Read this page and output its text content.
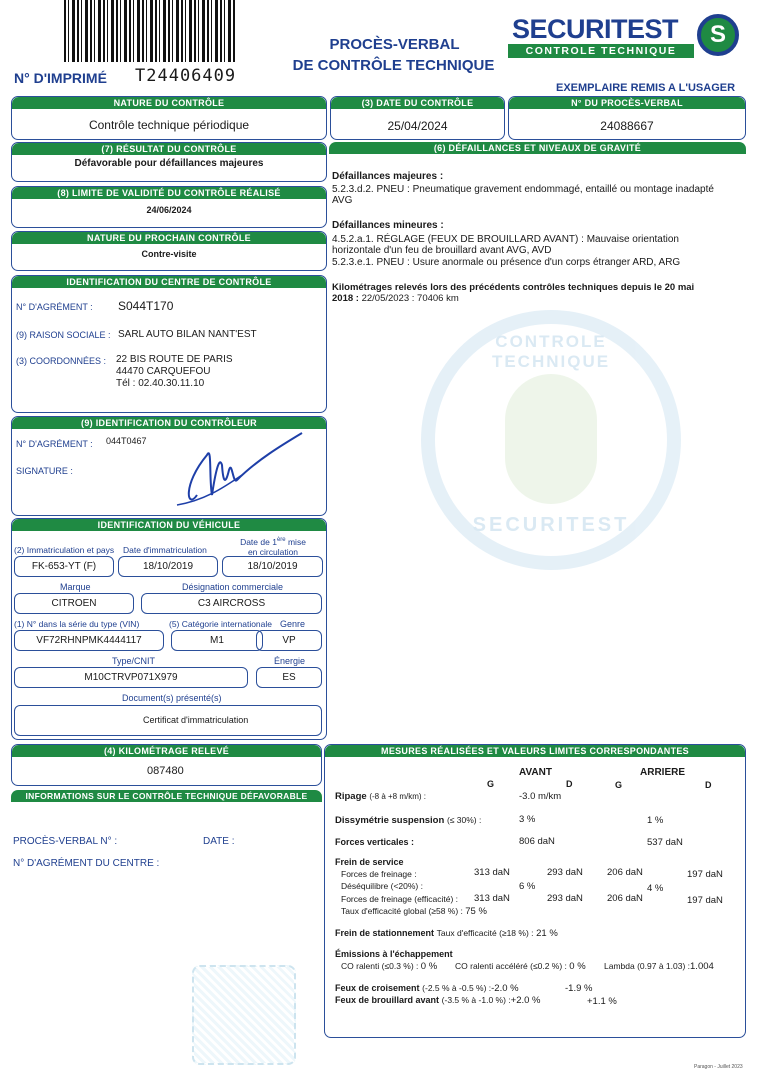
N° D'IMPRIMÉ T24406409
PROCÈS-VERBAL
DE CONTRÔLE TECHNIQUE
SECURITEST
CONTROLE TECHNIQUE
S
EXEMPLAIRE REMIS A L'USAGER
NATURE DU CONTRÔLE
Contrôle technique périodique
(3) DATE DU CONTRÔLE
25/04/2024
N° DU PROCÈS-VERBAL
24088667
(7) RÉSULTAT DU CONTRÔLE
Défavorable pour défaillances majeures
(8) LIMITE DE VALIDITÉ DU CONTRÔLE RÉALISÉ
24/06/2024
NATURE DU PROCHAIN CONTRÔLE
Contre-visite
IDENTIFICATION DU CENTRE DE CONTRÔLE
N° D'AGRÉMENT : S044T170
(9) RAISON SOCIALE : SARL AUTO BILAN NANT'EST
(3) COORDONNÉES : 22 BIS ROUTE DE PARIS
44470 CARQUEFOU
Tél : 02.40.30.11.10
(9) IDENTIFICATION DU CONTRÔLEUR
N° D'AGRÉMENT : 044T0467
SIGNATURE :
IDENTIFICATION DU VÉHICULE
(2) Immatriculation et pays Date d'immatriculation
Date de 1ère mise
en circulation
FK-653-YT (F)	18/10/2019	18/10/2019
Marque	Désignation commerciale
CITROEN	C3 AIRCROSS
(1) N° dans la série du type (VIN)	(5) Catégorie internationale Genre
VF72RHNPMK4444117	M1	VP
Type/CNIT	Énergie
M10CTRVP071X979	ES
Document(s) présenté(s)
Certificat d'immatriculation
(4) KILOMÉTRAGE RELEVÉ
087480
INFORMATIONS SUR LE CONTRÔLE TECHNIQUE DÉFAVORABLE
PROCÈS-VERBAL N° :	DATE :
N° D'AGRÉMENT DU CENTRE :
(6) DÉFAILLANCES ET NIVEAUX DE GRAVITÉ
Défaillances majeures :
5.2.3.d.2. PNEU : Pneumatique gravement endommagé, entaillé ou montage inadapté
AVG
Défaillances mineures :
4.5.2.a.1. RÉGLAGE (FEUX DE BROUILLARD AVANT) : Mauvaise orientation
horizontale d'un feu de brouillard avant AVG, AVD
5.2.3.e.1. PNEU : Usure anormale ou présence d'un corps étranger ARD, ARG
Kilométrages relevés lors des précédents contrôles techniques depuis le 20 mai
2018 : 22/05/2023 : 70406 km
CONTROLE TECHNIQUE
SECURITEST
MESURES RÉALISÉES ET VALEURS LIMITES CORRESPONDANTES
AVANT	ARRIERE
G	D	G	D
Ripage (-8 à +8 m/km) :	-3.0 m/km
Dissymétrie suspension (≤ 30%) :	3 %	1 %
Forces verticales :	806 daN	537 daN
Frein de service
Forces de freinage :	313 daN	293 daN	206 daN	197 daN
Déséquilibre (<20%) :	6 %	4 %
Forces de freinage (efficacité) : 313 daN	293 daN	206 daN	197 daN
Taux d'efficacité global (≥58 %) : 75 %
Frein de stationnement Taux d'efficacité (≥18 %) : 21 %
Émissions à l'échappement
CO ralenti (≤0.3 %) : 0 % CO ralenti accéléré (≤0.2 %) : 0 % Lambda (0.97 à 1.03) :1.004
Feux de croisement (-2.5 % à -0.5 %) :-2.0 %	-1.9 %
Feux de brouillard avant (-3.5 % à -1.0 %) :+2.0 %	+1.1 %
Paragon - Juillet 2023
